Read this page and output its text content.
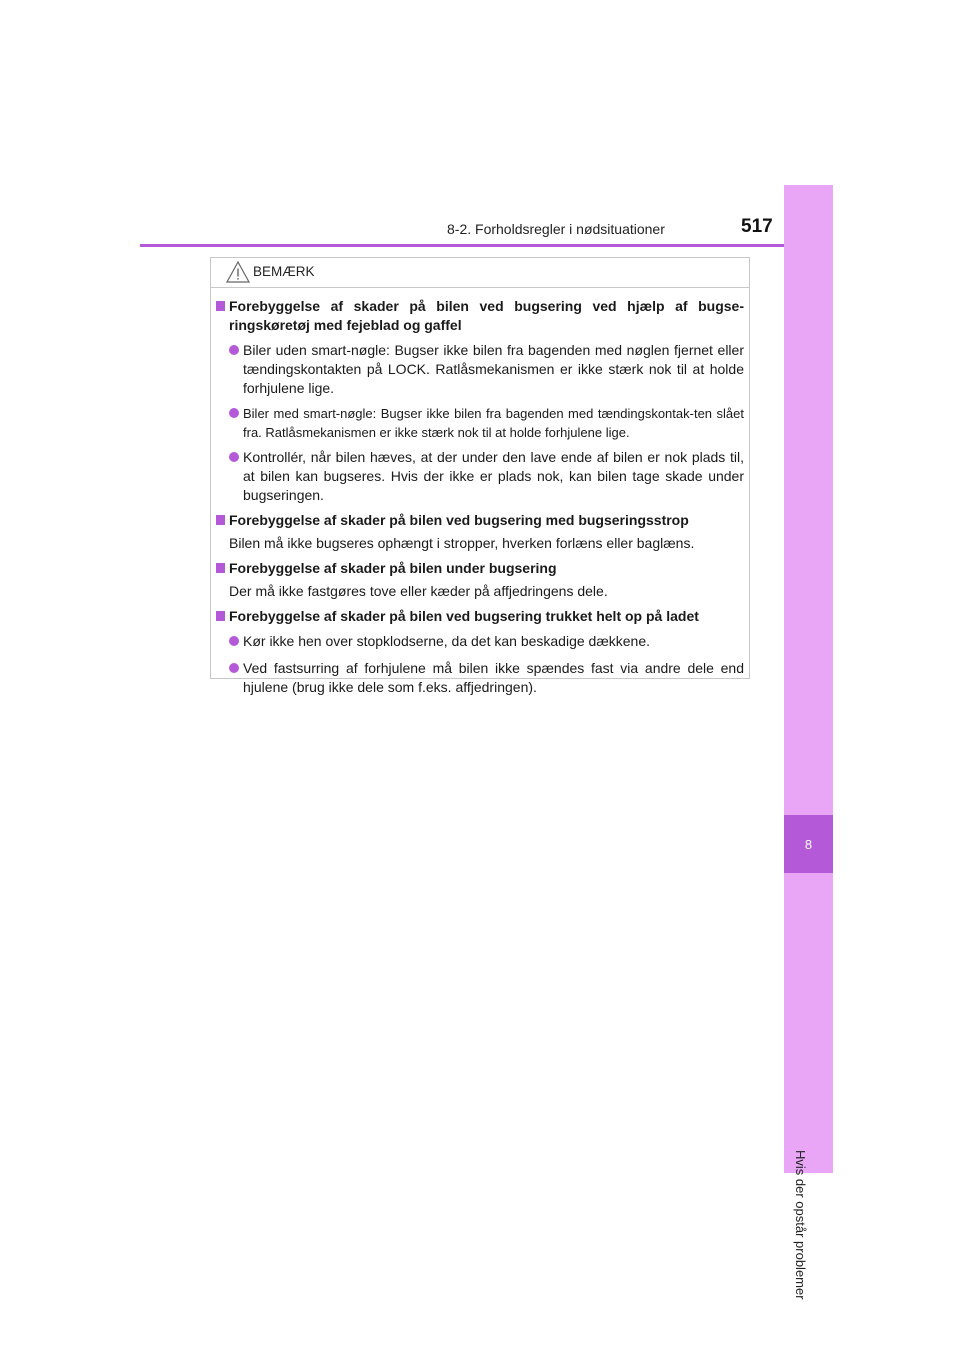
8-2. Forholdsregler i nødsituationer	517
8
Hvis der opstår problemer
BEMÆRK
Forebyggelse af skader på bilen ved bugsering ved hjælp af bugse-ringskøretøj med fejeblad og gaffel
Biler uden smart-nøgle: Bugser ikke bilen fra bagenden med nøglen fjernet eller tændingskontakten på LOCK. Ratlåsmekanismen er ikke stærk nok til at holde forhjulene lige.
Biler med smart-nøgle: Bugser ikke bilen fra bagenden med tændingskontak-ten slået fra. Ratlåsmekanismen er ikke stærk nok til at holde forhjulene lige.
Kontrollér, når bilen hæves, at der under den lave ende af bilen er nok plads til, at bilen kan bugseres. Hvis der ikke er plads nok, kan bilen tage skade under bugseringen.
Forebyggelse af skader på bilen ved bugsering med bugseringsstrop
Bilen må ikke bugseres ophængt i stropper, hverken forlæns eller baglæns.
Forebyggelse af skader på bilen under bugsering
Der må ikke fastgøres tove eller kæder på affjedringens dele.
Forebyggelse af skader på bilen ved bugsering trukket helt op på ladet
Kør ikke hen over stopklodserne, da det kan beskadige dækkene.
Ved fastsurring af forhjulene må bilen ikke spændes fast via andre dele end hjulene (brug ikke dele som f.eks. affjedringen).
